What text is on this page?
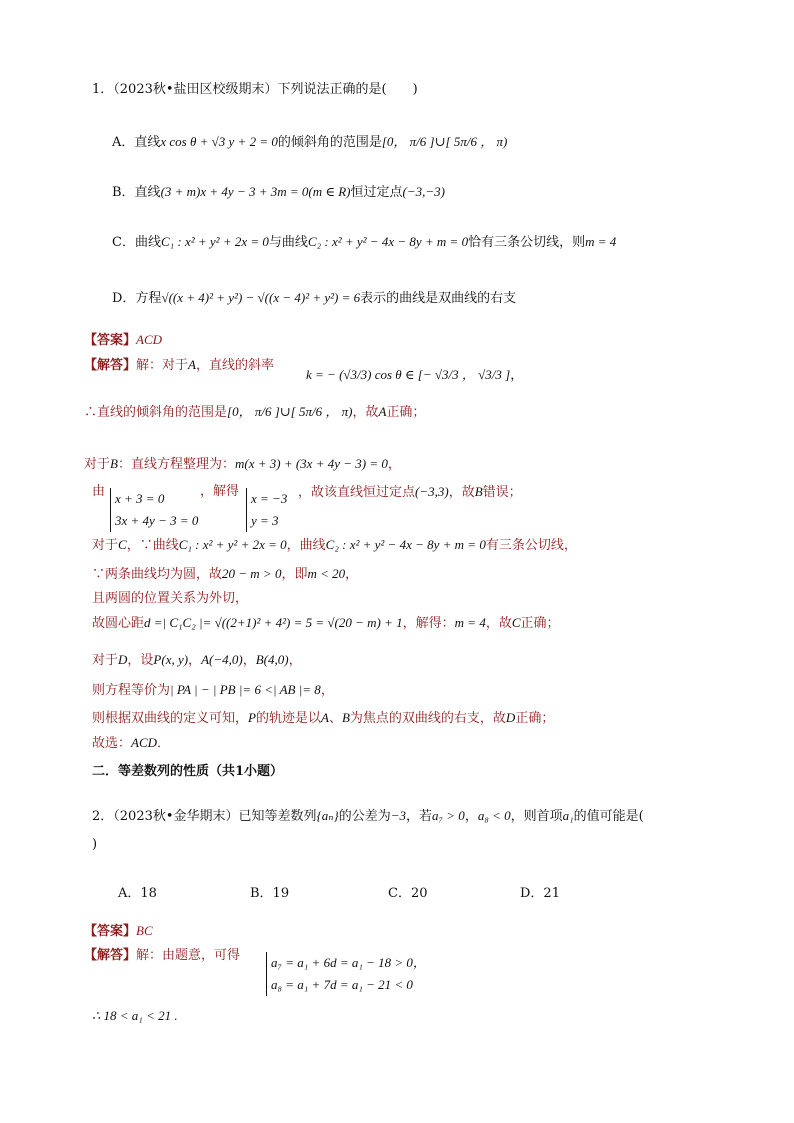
1．（2023秋•盐田区校级期末）下列说法正确的是(　　)
A．直线x cos θ + √3 y + 2 = 0的倾斜角的范围是[0， π/6 ]∪[ 5π/6 ， π)
B．直线(3 + m)x + 4y − 3 + 3m = 0(m ∈ R)恒过定点(−3,−3)
C．曲线C₁ : x² + y² + 2x = 0与曲线C₂ : x² + y² − 4x − 8y + m = 0恰有三条公切线，则m = 4
D．方程√((x + 4)² + y²) − √((x − 4)² + y²) = 6表示的曲线是双曲线的右支
【答案】ACD
【解答】解：对于A，直线的斜率
k = − (√3/3) cos θ ∈ [− √3/3 ， √3/3 ]，
∴直线的倾斜角的范围是[0， π/6 ]∪[ 5π/6 ， π)，故A正确；
对于B：直线方程整理为：m(x + 3) + (3x + 4y − 3) = 0，
由 x + 3 = 0
3x + 4y − 3 = 0
，解得 x = −3
y = 3
，故该直线恒过定点(−3,3)，故B错误；
对于C，∵曲线C₁ : x² + y² + 2x = 0，曲线C₂ : x² + y² − 4x − 8y + m = 0有三条公切线，
∵两条曲线均为圆，故20 − m > 0，即m < 20，
且两圆的位置关系为外切，
故圆心距d =| C₁C₂ |= √((2+1)² + 4²) = 5 = √(20 − m) + 1，解得：m = 4，故C正确；
对于D，设P(x, y)，A(−4,0)，B(4,0)，
则方程等价为| PA | − | PB |= 6 <| AB |= 8，
则根据双曲线的定义可知，P的轨迹是以A、B为焦点的双曲线的右支，故D正确；
故选：ACD．
二．等差数列的性质（共1小题）
2．（2023秋•金华期末）已知等差数列{aₙ}的公差为−3，若a₇ > 0，a₈ < 0，则首项a₁的值可能是(
)
A．18	B．19	C．20	D．21
【答案】BC
【解答】解：由题意，可得 a₇ = a₁ + 6d = a₁ − 18 > 0，
a₈ = a₁ + 7d = a₁ − 21 < 0
∴ 18 < a₁ < 21 .
